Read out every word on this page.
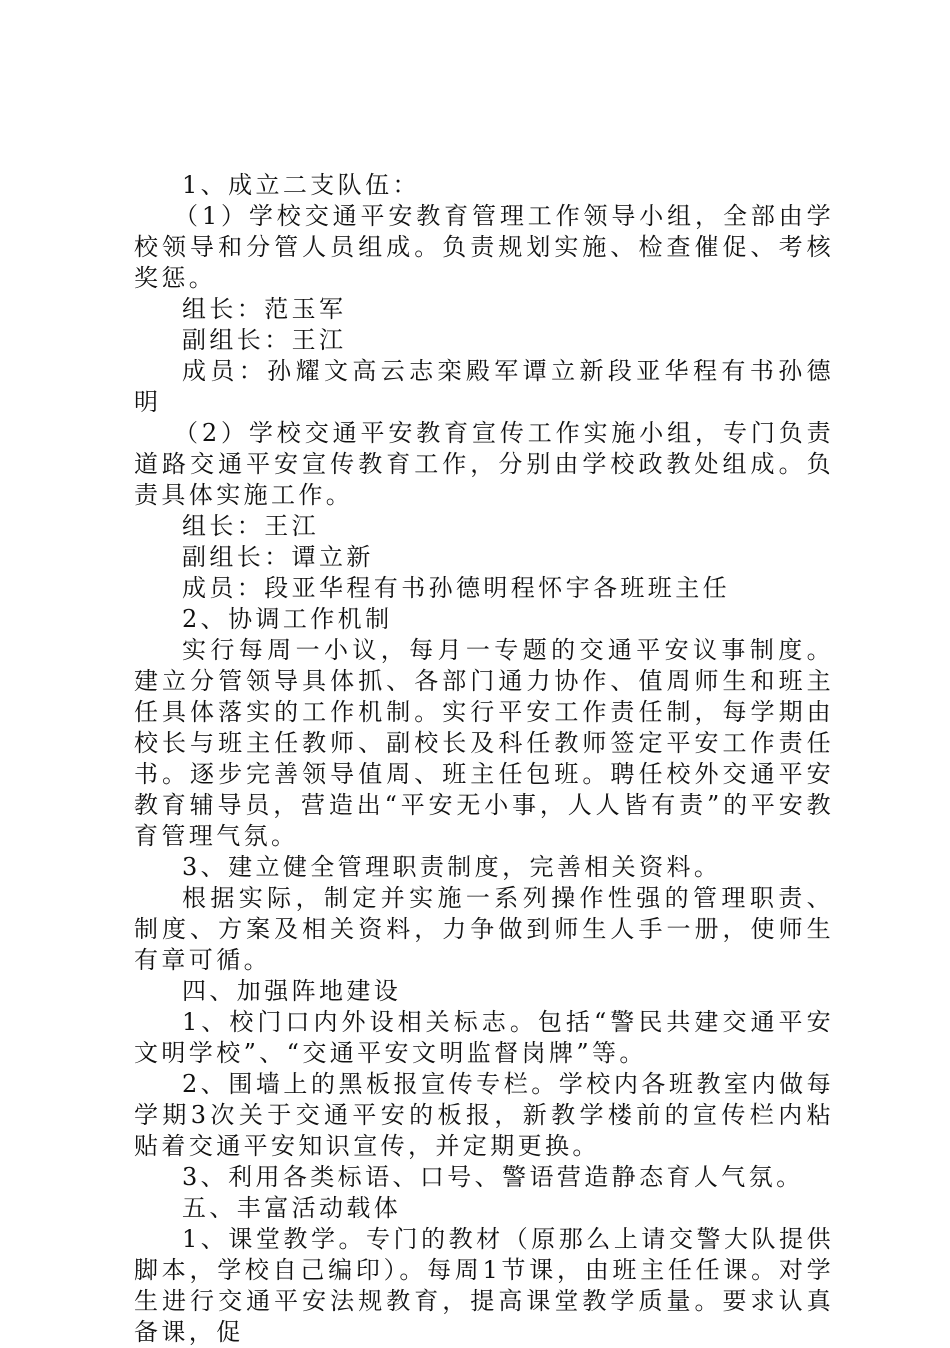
1、成立二支队伍：

（1）学校交通平安教育管理工作领导小组，全部由学校领导和分管人员组成。负责规划实施、检查催促、考核奖惩。

组长：范玉军

副组长：王江

成员：孙耀文高云志栾殿军谭立新段亚华程有书孙德明

（2）学校交通平安教育宣传工作实施小组，专门负责道路交通平安宣传教育工作，分别由学校政教处组成。负责具体实施工作。

组长：王江

副组长：谭立新

成员：段亚华程有书孙德明程怀宇各班班主任

2、协调工作机制

实行每周一小议，每月一专题的交通平安议事制度。建立分管领导具体抓、各部门通力协作、值周师生和班主任具体落实的工作机制。实行平安工作责任制，每学期由校长与班主任教师、副校长及科任教师签定平安工作责任书。逐步完善领导值周、班主任包班。聘任校外交通平安教育辅导员，营造出“平安无小事，人人皆有责”的平安教育管理气氛。

3、建立健全管理职责制度，完善相关资料。

根据实际，制定并实施一系列操作性强的管理职责、制度、方案及相关资料，力争做到师生人手一册，使师生有章可循。

四、加强阵地建设

1、校门口内外设相关标志。包括“警民共建交通平安文明学校”、“交通平安文明监督岗牌”等。

2、围墙上的黑板报宣传专栏。学校内各班教室内做每学期3次关于交通平安的板报，新教学楼前的宣传栏内粘贴着交通平安知识宣传，并定期更换。

3、利用各类标语、口号、警语营造静态育人气氛。

五、丰富活动载体

1、课堂教学。专门的教材（原那么上请交警大队提供脚本，学校自己编印）。每周1节课，由班主任任课。对学生进行交通平安法规教育，提高课堂教学质量。要求认真备课，促
